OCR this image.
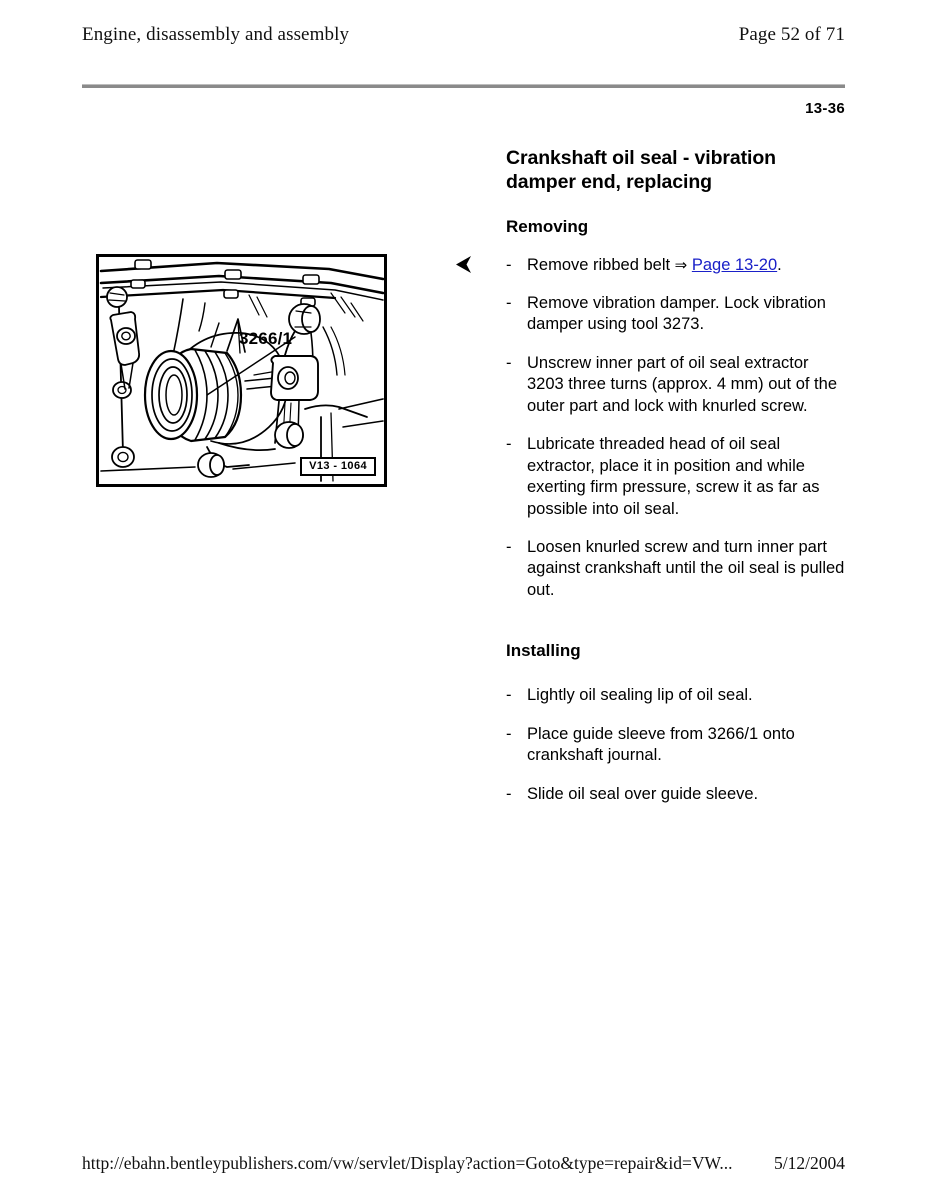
Engine, disassembly and assembly	Page 52 of 71
13-36
3266/1
V13 - 1064
Crankshaft oil seal - vibration damper end, replacing
Removing
- Remove ribbed belt ⇒ Page 13-20.
- Remove vibration damper. Lock vibration damper using tool 3273.
- Unscrew inner part of oil seal extractor 3203 three turns (approx. 4 mm) out of the outer part and lock with knurled screw.
- Lubricate threaded head of oil seal extractor, place it in position and while exerting firm pressure, screw it as far as possible into oil seal.
- Loosen knurled screw and turn inner part against crankshaft until the oil seal is pulled out.
Installing
- Lightly oil sealing lip of oil seal.
- Place guide sleeve from 3266/1 onto crankshaft journal.
- Slide oil seal over guide sleeve.
http://ebahn.bentleypublishers.com/vw/servlet/Display?action=Goto&type=repair&id=VW... 5/12/2004
